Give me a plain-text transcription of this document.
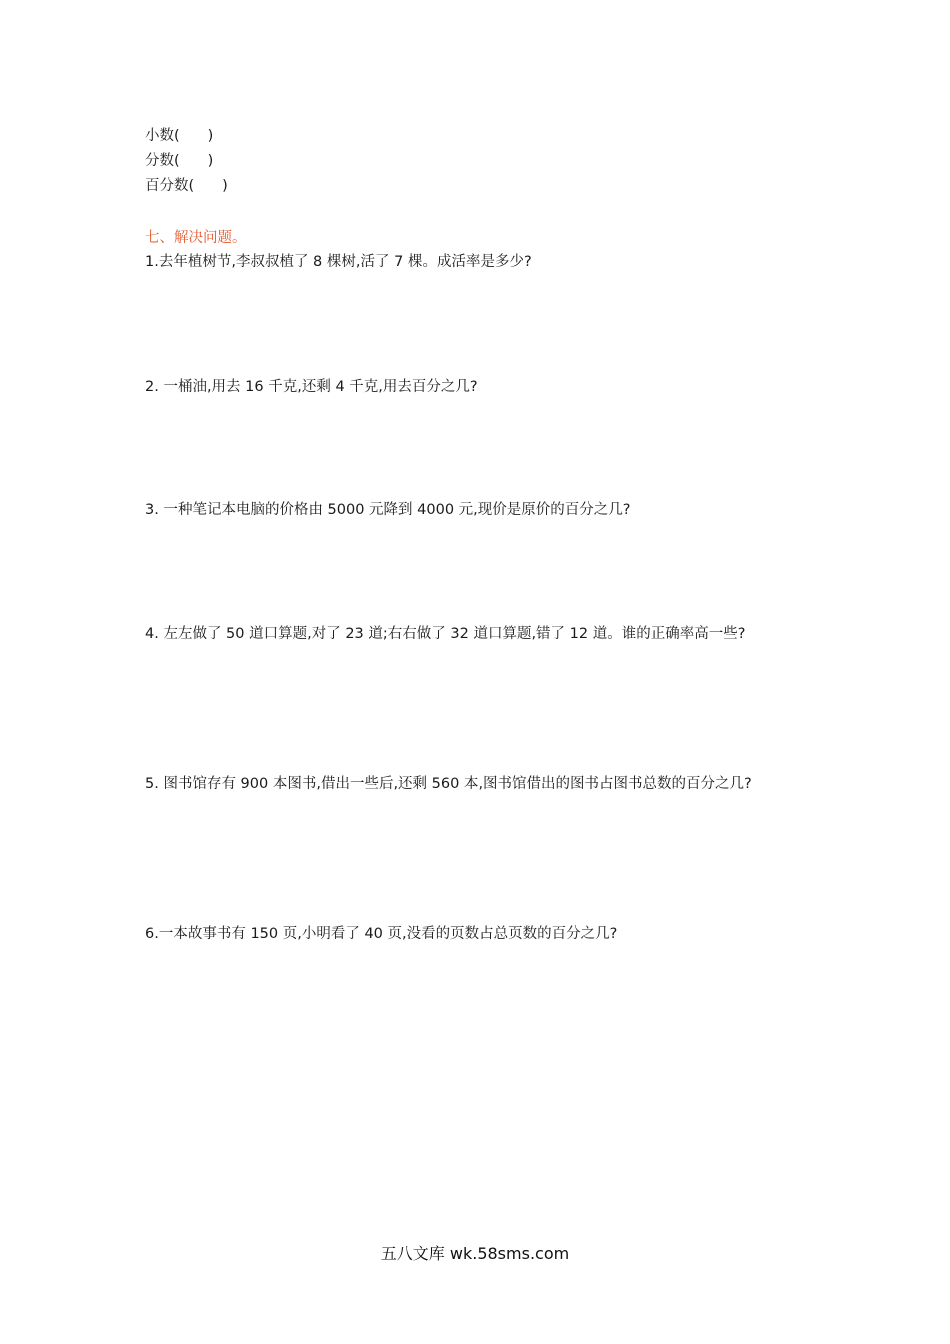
小数 ( )
分数 ( )
百分数 ( )
七、解决问题。
1.去年植树节,李叔叔植了 8 棵树,活了 7 棵。成活率是多少?
2. 一桶油,用去 16 千克,还剩 4 千克,用去百分之几?
3. 一种笔记本电脑的价格由 5000 元降到 4000 元,现价是原价的百分之几?
4. 左左做了 50 道口算题,对了 23 道;右右做了 32 道口算题,错了 12 道。谁的正确率高一些?
5. 图书馆存有 900 本图书,借出一些后,还剩 560 本,图书馆借出的图书占图书总数的百分之几?
6.一本故事书有 150 页,小明看了 40 页,没看的页数占总页数的百分之几?
五八文库 wk.58sms.com
